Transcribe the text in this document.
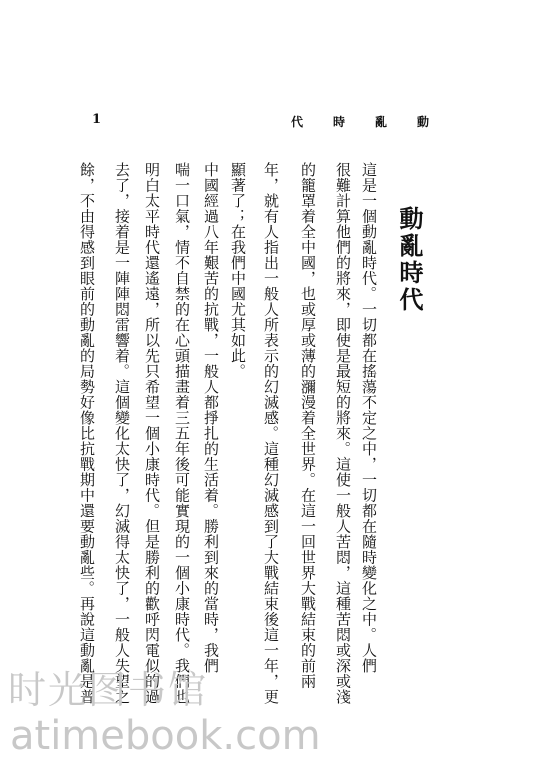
代 時 亂 動
1
動亂時代
這是一個動亂時代。一切都在搖蕩不定之中，一切都在隨時變化之中。人們
很難計算他們的將來，即使是最短的將來。這使一般人苦悶，這種苦悶或深或淺
的籠罩着全中國，也或厚或薄的瀰漫着全世界。在這一回世界大戰結束的前兩
年，就有人指出一般人所表示的幻滅感。這種幻滅感到了大戰結束後這一年，更
顯著了；在我們中國尤其如此。
中國經過八年艱苦的抗戰，一般人都掙扎的生活着。勝利到來的當時，我們
喘一口氣，情不自禁的在心頭描畫着三五年後可能實現的一個小康時代。我們也
明白太平時代還遙遠，所以先只希望一個小康時代。但是勝利的歡呼閃電似的過
去了，接着是一陣陣悶雷響着。這個變化太快了，幻滅得太快了，一般人失望之
餘，不由得感到眼前的動亂的局勢好像比抗戰期中還要動亂些。再說這動亂是普
时光图书馆
atimebook.com
